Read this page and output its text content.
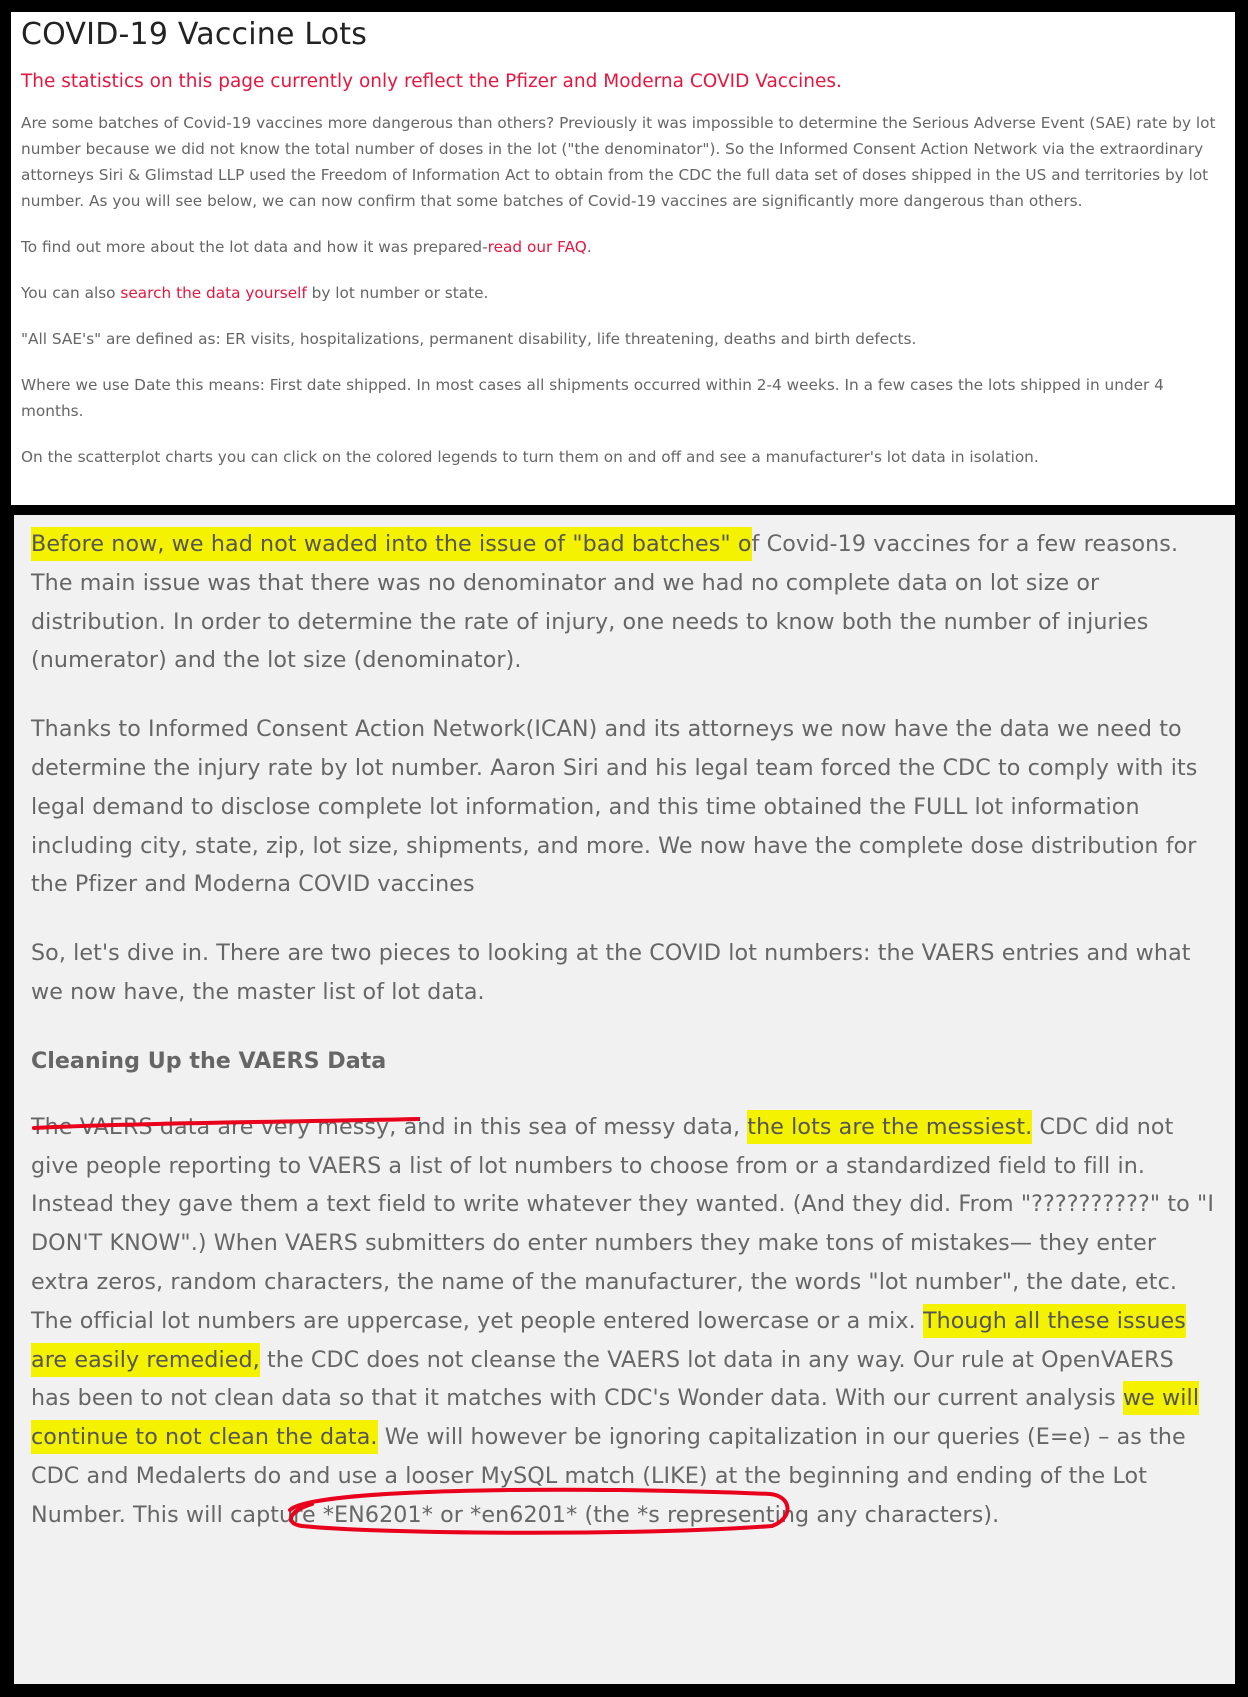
COVID-19 Vaccine Lots

The statistics on this page currently only reflect the Pfizer and Moderna COVID Vaccines.

Are some batches of Covid-19 vaccines more dangerous than others? Previously it was impossible to determine the Serious Adverse Event (SAE) rate by lot number because we did not know the total number of doses in the lot ("the denominator"). So the Informed Consent Action Network via the extraordinary attorneys Siri & Glimstad LLP used the Freedom of Information Act to obtain from the CDC the full data set of doses shipped in the US and territories by lot number. As you will see below, we can now confirm that some batches of Covid-19 vaccines are significantly more dangerous than others.

To find out more about the lot data and how it was prepared-read our FAQ.

You can also search the data yourself by lot number or state.

"All SAE's" are defined as: ER visits, hospitalizations, permanent disability, life threatening, deaths and birth defects.

Where we use Date this means: First date shipped. In most cases all shipments occurred within 2-4 weeks. In a few cases the lots shipped in under 4 months.

On the scatterplot charts you can click on the colored legends to turn them on and off and see a manufacturer's lot data in isolation.

Before now, we had not waded into the issue of "bad batches" of Covid-19 vaccines for a few reasons. The main issue was that there was no denominator and we had no complete data on lot size or distribution. In order to determine the rate of injury, one needs to know both the number of injuries (numerator) and the lot size (denominator).

Thanks to Informed Consent Action Network(ICAN) and its attorneys we now have the data we need to determine the injury rate by lot number. Aaron Siri and his legal team forced the CDC to comply with its legal demand to disclose complete lot information, and this time obtained the FULL lot information including city, state, zip, lot size, shipments, and more. We now have the complete dose distribution for the Pfizer and Moderna COVID vaccines

So, let's dive in. There are two pieces to looking at the COVID lot numbers: the VAERS entries and what we now have, the master list of lot data.

Cleaning Up the VAERS Data

The VAERS data are very messy, and in this sea of messy data, the lots are the messiest. CDC did not give people reporting to VAERS a list of lot numbers to choose from or a standardized field to fill in. Instead they gave them a text field to write whatever they wanted. (And they did. From "??????????" to "I DON'T KNOW".) When VAERS submitters do enter numbers they make tons of mistakes— they enter extra zeros, random characters, the name of the manufacturer, the words "lot number", the date, etc. The official lot numbers are uppercase, yet people entered lowercase or a mix. Though all these issues are easily remedied, the CDC does not cleanse the VAERS lot data in any way. Our rule at OpenVAERS has been to not clean data so that it matches with CDC's Wonder data. With our current analysis we will continue to not clean the data. We will however be ignoring capitalization in our queries (E=e) – as the CDC and Medalerts do and use a looser MySQL match (LIKE) at the beginning and ending of the Lot Number. This will capture *EN6201* or *en6201* (the *s representing any characters).
